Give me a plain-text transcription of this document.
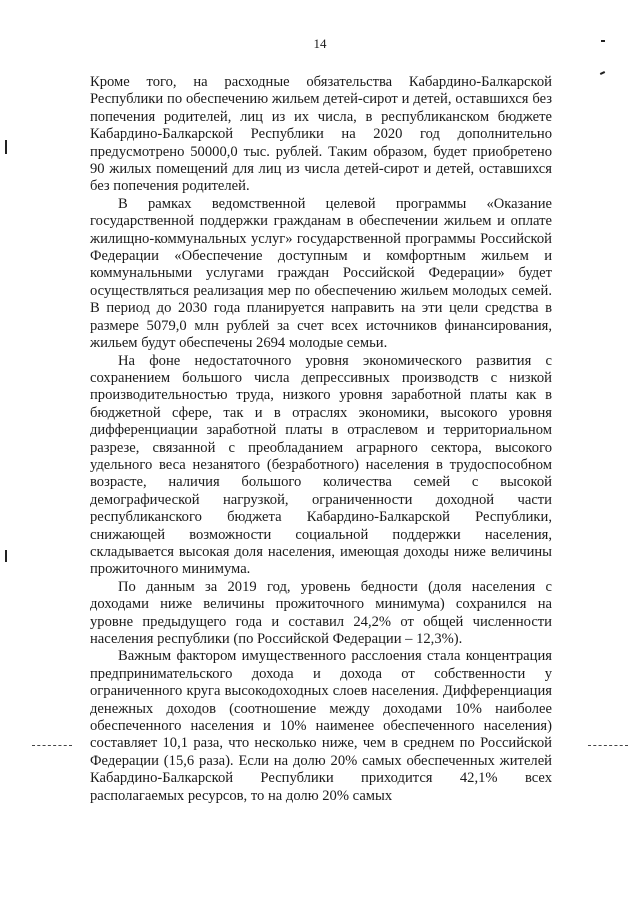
14

Кроме того, на расходные обязательства Кабардино-Балкарской Республики по обеспечению жильем детей-сирот и детей, оставшихся без попечения родителей, лиц из их числа, в республиканском бюджете Кабардино-Балкарской Республики на 2020 год дополнительно предусмотрено 50000,0 тыс. рублей. Таким образом, будет приобретено 90 жилых помещений для лиц из числа детей-сирот и детей, оставшихся без попечения родителей.

В рамках ведомственной целевой программы «Оказание государственной поддержки гражданам в обеспечении жильем и оплате жилищно-коммунальных услуг» государственной программы Российской Федерации «Обеспечение доступным и комфортным жильем и коммунальными услугами граждан Российской Федерации» будет осуществляться реализация мер по обеспечению жильем молодых семей. В период до 2030 года планируется направить на эти цели средства в размере 5079,0 млн рублей за счет всех источников финансирования, жильем будут обеспечены 2694 молодые семьи.

На фоне недостаточного уровня экономического развития с сохранением большого числа депрессивных производств с низкой производительностью труда, низкого уровня заработной платы как в бюджетной сфере, так и в отраслях экономики, высокого уровня дифференциации заработной платы в отраслевом и территориальном разрезе, связанной с преобладанием аграрного сектора, высокого удельного веса незанятого (безработного) населения в трудоспособном возрасте, наличия большого количества семей с высокой демографической нагрузкой, ограниченности доходной части республиканского бюджета Кабардино-Балкарской Республики, снижающей возможности социальной поддержки населения, складывается высокая доля населения, имеющая доходы ниже величины прожиточного минимума.

По данным за 2019 год, уровень бедности (доля населения с доходами ниже величины прожиточного минимума) сохранился на уровне предыдущего года и составил 24,2% от общей численности населения республики (по Российской Федерации – 12,3%).

Важным фактором имущественного расслоения стала концентрация предпринимательского дохода и дохода от собственности у ограниченного круга высокодоходных слоев населения. Дифференциация денежных доходов (соотношение между доходами 10% наиболее обеспеченного населения и 10% наименее обеспеченного населения) составляет 10,1 раза, что несколько ниже, чем в среднем по Российской Федерации (15,6 раза). Если на долю 20% самых обеспеченных жителей Кабардино-Балкарской Республики приходится 42,1% всех располагаемых ресурсов, то на долю 20% самых
